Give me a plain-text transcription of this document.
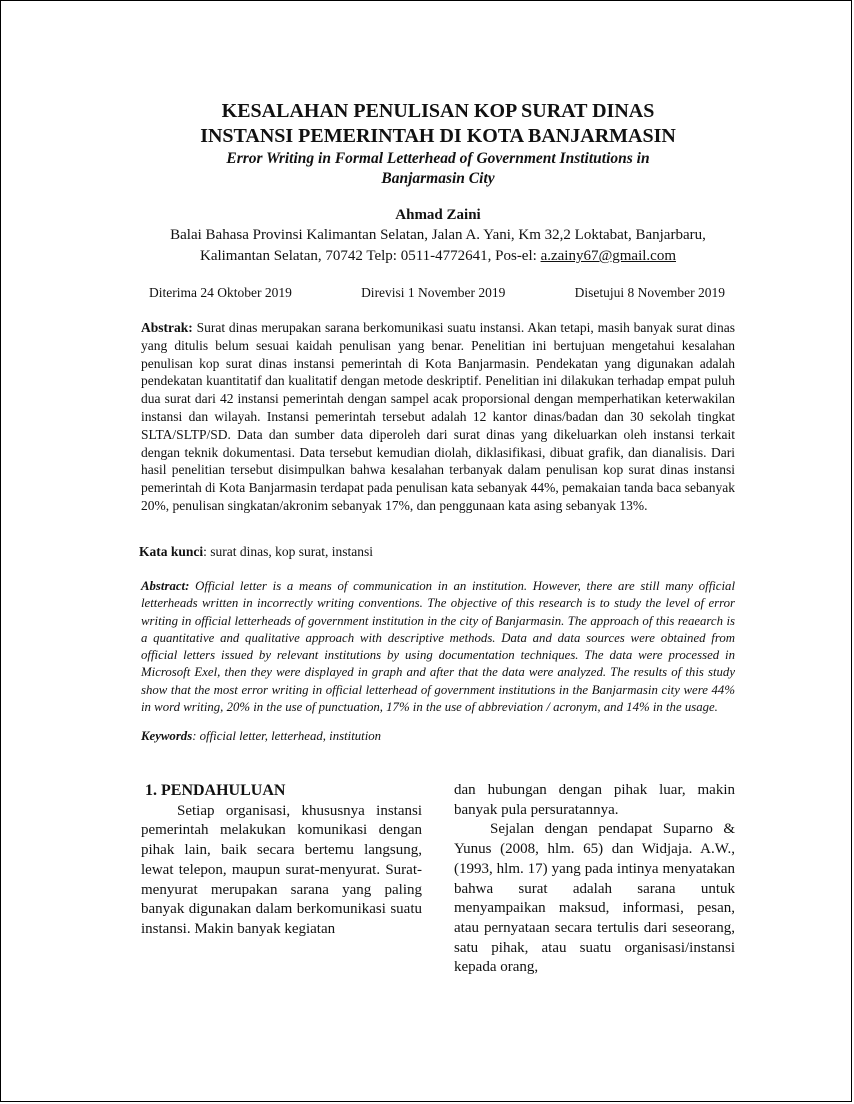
KESALAHAN PENULISAN KOP SURAT DINAS

INSTANSI PEMERINTAH DI KOTA BANJARMASIN

Error Writing in Formal Letterhead of Government Institutions in

Banjarmasin City

Ahmad Zaini
Balai Bahasa Provinsi Kalimantan Selatan, Jalan A. Yani, Km 32,2 Loktabat, Banjarbaru,
Kalimantan Selatan, 70742 Telp: 0511-4772641, Pos-el: a.zainy67@gmail.com
Diterima 24 Oktober 2019	Direvisi 1 November 2019	Disetujui 8 November 2019
Abstrak: Surat dinas merupakan sarana berkomunikasi suatu instansi. Akan tetapi, masih banyak surat dinas yang ditulis belum sesuai kaidah penulisan yang benar. Penelitian ini bertujuan mengetahui kesalahan penulisan kop surat dinas instansi pemerintah di Kota Banjarmasin. Pendekatan yang digunakan adalah pendekatan kuantitatif dan kualitatif dengan metode deskriptif. Penelitian ini dilakukan terhadap empat puluh dua surat dari 42 instansi pemerintah dengan sampel acak proporsional dengan memperhatikan keterwakilan instansi dan wilayah. Instansi pemerintah tersebut adalah 12 kantor dinas/badan dan 30 sekolah tingkat SLTA/SLTP/SD. Data dan sumber data diperoleh dari surat dinas yang dikeluarkan oleh instansi terkait dengan teknik dokumentasi. Data tersebut kemudian diolah, diklasifikasi, dibuat grafik, dan dianalisis. Dari hasil penelitian tersebut disimpulkan bahwa kesalahan terbanyak dalam penulisan kop surat dinas instansi pemerintah di Kota Banjarmasin terdapat pada penulisan kata sebanyak 44%, pemakaian tanda baca sebanyak 20%, penulisan singkatan/akronim sebanyak 17%, dan penggunaan kata asing sebanyak 13%.
Kata kunci: surat dinas, kop surat, instansi
Abstract: Official letter is a means of communication in an institution. However, there are still many official letterheads written in incorrectly writing conventions. The objective of this research is to study the level of error writing in official letterheads of government institution in the city of Banjarmasin. The approach of this reaearch is a quantitative and qualitative approach with descriptive methods. Data and data sources were obtained from official letters issued by relevant institutions by using documentation techniques. The data were processed in Microsoft Exel, then they were displayed in graph and after that the data were analyzed. The results of this study show that the most error writing in official letterhead of government institutions in the Banjarmasin city were 44% in word writing, 20% in the use of punctuation, 17% in the use of abbreviation / acronym, and 14% in the usage.
Keywords: official letter, letterhead, institution

1. PENDAHULUAN

Setiap organisasi, khususnya instansi pemerintah melakukan komunikasi dengan pihak lain, baik secara bertemu langsung, lewat telepon, maupun surat-menyurat. Surat-menyurat merupakan sarana yang paling banyak digunakan dalam berkomunikasi suatu instansi. Makin banyak kegiatan

dan hubungan dengan pihak luar, makin banyak pula persuratannya.

Sejalan dengan pendapat Suparno & Yunus (2008, hlm. 65) dan Widjaja. A.W., (1993, hlm. 17) yang pada intinya menyatakan bahwa surat adalah sarana untuk menyampaikan maksud, informasi, pesan, atau pernyataan secara tertulis dari seseorang, satu pihak, atau suatu organisasi/instansi kepada orang,
